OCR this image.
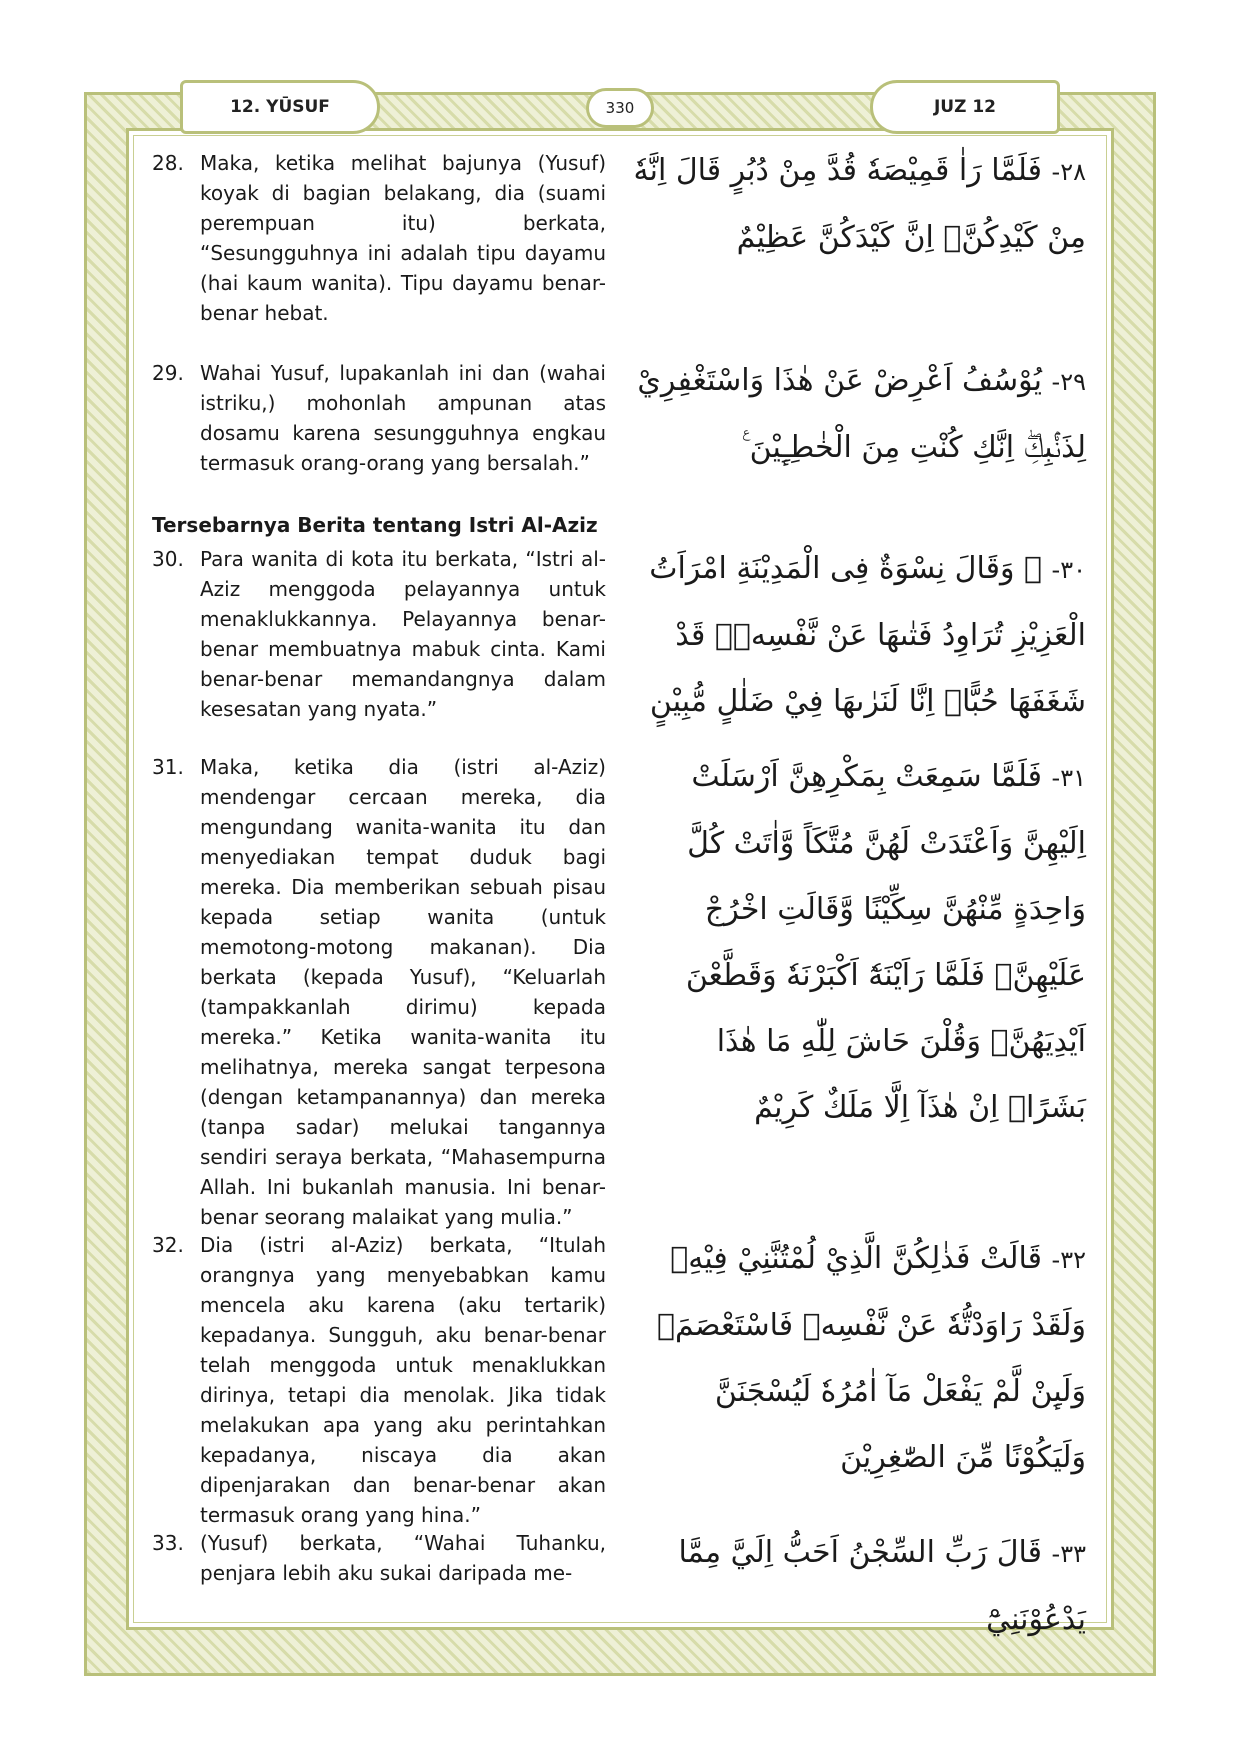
12. YŪSUF	330	JUZ 12
28. Maka, ketika melihat bajunya (Yusuf) koyak di bagian belakang, dia (suami perempuan itu) berkata, “Sesungguhnya ini adalah tipu dayamu (hai kaum wanita). Tipu dayamu benar-benar hebat.
29. Wahai Yusuf, lupakanlah ini dan (wahai istriku,) mohonlah ampunan atas dosamu karena sesungguhnya engkau termasuk orang-orang yang bersalah.”
Tersebarnya Berita tentang Istri Al-Aziz
30. Para wanita di kota itu berkata, “Istri al-Aziz menggoda pelayannya untuk menaklukkannya. Pelayannya benar-benar membuatnya mabuk cinta. Kami benar-benar memandangnya dalam kesesatan yang nyata.”
31. Maka, ketika dia (istri al-Aziz) mendengar cercaan mereka, dia mengundang wanita-wanita itu dan menyediakan tempat duduk bagi mereka. Dia memberikan sebuah pisau kepada setiap wanita (untuk memotong-motong makanan). Dia berkata (kepada Yusuf), “Keluarlah (tampakkanlah dirimu) kepada mereka.” Ketika wanita-wanita itu melihatnya, mereka sangat terpesona (dengan ketampanannya) dan mereka (tanpa sadar) melukai tangannya sendiri seraya berkata, “Mahasempurna Allah. Ini bukanlah manusia. Ini benar-benar seorang malaikat yang mulia.”
32. Dia (istri al-Aziz) berkata, “Itulah orangnya yang menyebabkan kamu mencela aku karena (aku tertarik) kepadanya. Sungguh, aku benar-benar telah menggoda untuk menaklukkan dirinya, tetapi dia menolak. Jika tidak melakukan apa yang aku perintahkan kepadanya, niscaya dia akan dipenjarakan dan benar-benar akan termasuk orang yang hina.”
33. (Yusuf) berkata, “Wahai Tuhanku, penjara lebih aku sukai daripada me-
٢٨- فَلَمَّا رَاٰ قَمِيْصَهٗ قُدَّ مِنْ دُبُرٍ قَالَ اِنَّهٗ مِنْ كَيْدِكُنَّۗ اِنَّ كَيْدَكُنَّ عَظِيْمٌ
٢٩- يُوْسُفُ اَعْرِضْ عَنْ هٰذَا وَاسْتَغْفِرِيْ لِذَنْۢبِكِۖ اِنَّكِ كُنْتِ مِنَ الْخٰطِـِٕيْنَ ࣖ
٣٠- ۞ وَقَالَ نِسْوَةٌ فِى الْمَدِيْنَةِ امْرَاَتُ الْعَزِيْزِ تُرَاوِدُ فَتٰىهَا عَنْ نَّفْسِهٖۚ قَدْ شَغَفَهَا حُبًّاۗ اِنَّا لَنَرٰىهَا فِيْ ضَلٰلٍ مُّبِيْنٍ
٣١- فَلَمَّا سَمِعَتْ بِمَكْرِهِنَّ اَرْسَلَتْ اِلَيْهِنَّ وَاَعْتَدَتْ لَهُنَّ مُتَّكَاً وَّاٰتَتْ كُلَّ وَاحِدَةٍ مِّنْهُنَّ سِكِّيْنًا وَّقَالَتِ اخْرُجْ عَلَيْهِنَّۚ فَلَمَّا رَاَيْنَهٗٓ اَكْبَرْنَهٗ وَقَطَّعْنَ اَيْدِيَهُنَّۖ وَقُلْنَ حَاشَ لِلّٰهِ مَا هٰذَا بَشَرًاۗ اِنْ هٰذَآ اِلَّا مَلَكٌ كَرِيْمٌ
٣٢- قَالَتْ فَذٰلِكُنَّ الَّذِيْ لُمْتُنَّنِيْ فِيْهِۗ وَلَقَدْ رَاوَدْتُّهٗ عَنْ نَّفْسِهٖ فَاسْتَعْصَمَۗ وَلَىِٕنْ لَّمْ يَفْعَلْ مَآ اٰمُرُهٗ لَيُسْجَنَنَّ وَلَيَكُوْنًا مِّنَ الصّٰغِرِيْنَ
٣٣- قَالَ رَبِّ السِّجْنُ اَحَبُّ اِلَيَّ مِمَّا يَدْعُوْنَنِيْٓ
